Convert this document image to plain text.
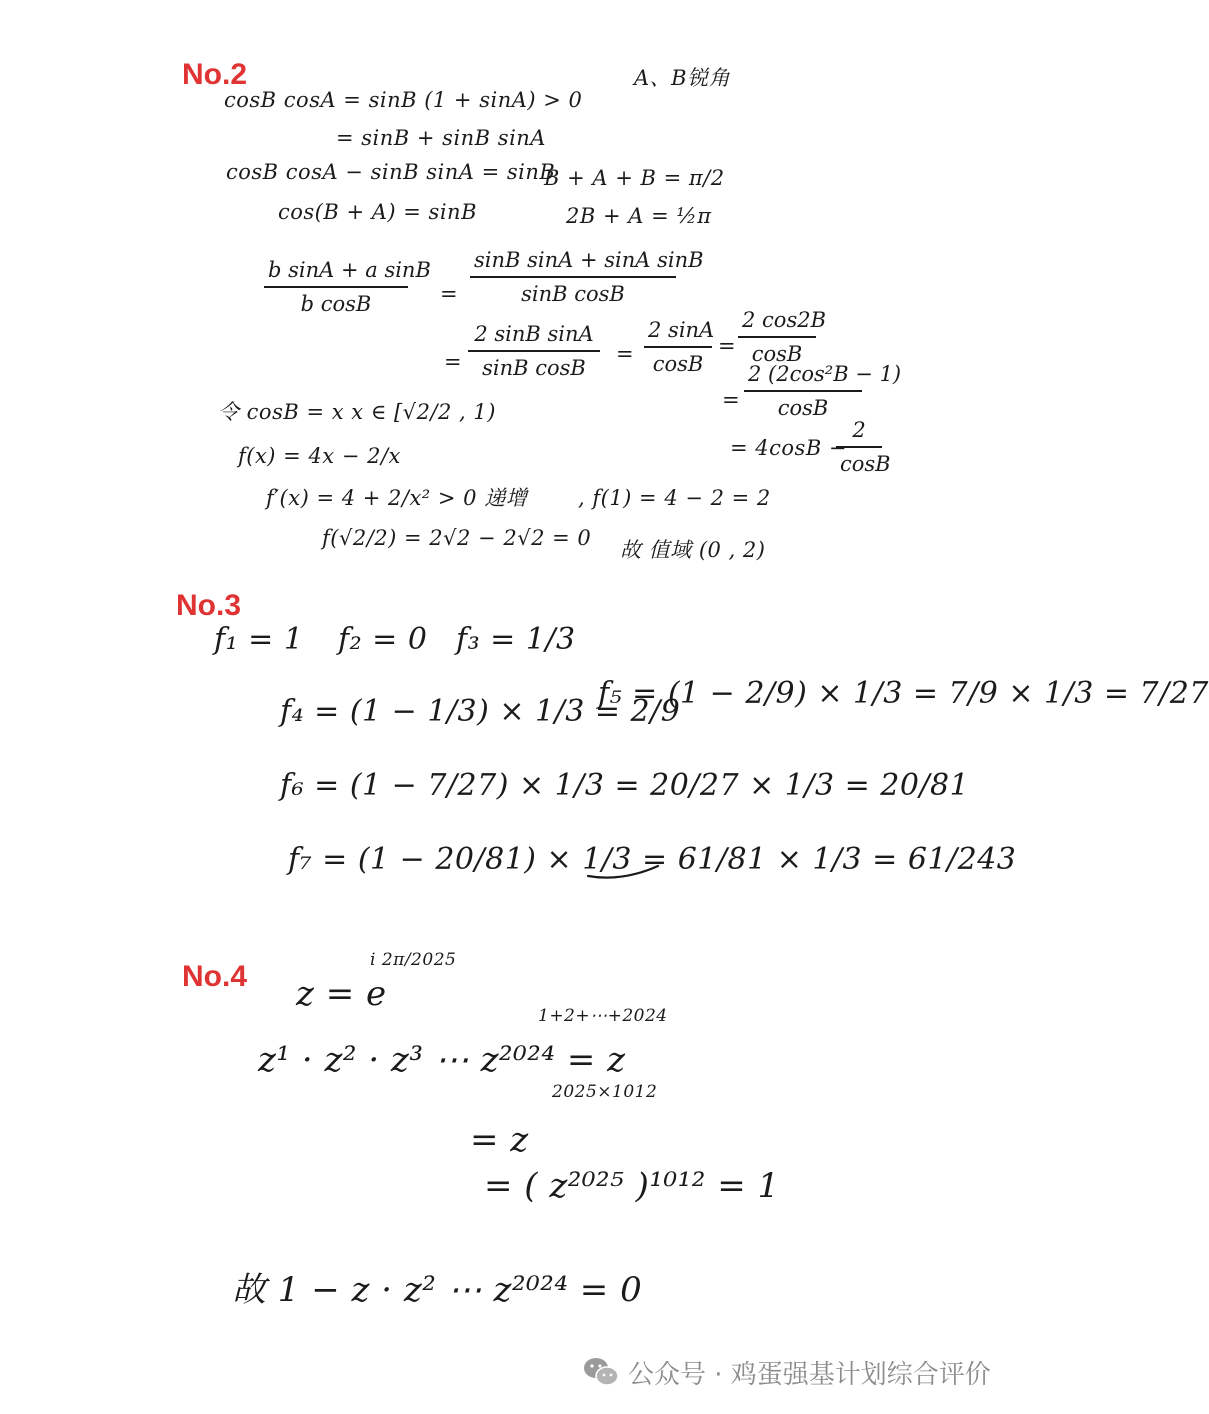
No.2
cosB cosA = sinB (1 + sinA) > 0
A、B锐角
= sinB + sinB sinA
cosB cosA − sinB sinA = sinB
cos(B + A) = sinB
B + A + B = π/2
2B + A = ½π
$\frac{\text{b sinA + a sinB}}{\text{b cosB}} = \frac{\text{sinB sinA + sinA sinB}}{\text{sinB cosB}}$
= $\frac{\text{2 sinB sinA}}{\text{sinB cosB}} = \frac{2 \sin A}{\cos B} = \frac{2 \cos 2B}{\cos B}$
= $\frac{\text{2 (2cos²B − 1)}}{\cos B}$
= 4cosB −
$\frac{2}{\cos B}$
令 cosB = x x ∈ [√2/2 , 1)
f(x) = 4x − 2/x
f′(x) = 4 + 2/x² > 0 递增 , f(1) = 4 − 2 = 2
f(√2/2) = 2√2 − 2√2 = 0 故 值域 (0 , 2)
No.3
f₁ = 1 f₂ = 0 f₃ = 1/3
f₄ = (1 − 1/3) × 1/3 = 2/9
f₅ = (1 − 2/9) × 1/3 = 7/9 × 1/3 = 7/27
f₆ = (1 − 7/27) × 1/3 = 20/27 × 1/3 = 20/81
f₇ = (1 − 20/81) × 1/3 = 61/81 × 1/3 = 61/243
No.4 z = e
i 2π/2025
z¹ · z² · z³ ⋯ z²⁰²⁴ = z
1+2+⋯+2024
= z
2025×1012
= ( z²⁰²⁵ )¹⁰¹² = 1
故 1 − z · z² ⋯ z²⁰²⁴ = 0
公众号 · 鸡蛋强基计划综合评价
